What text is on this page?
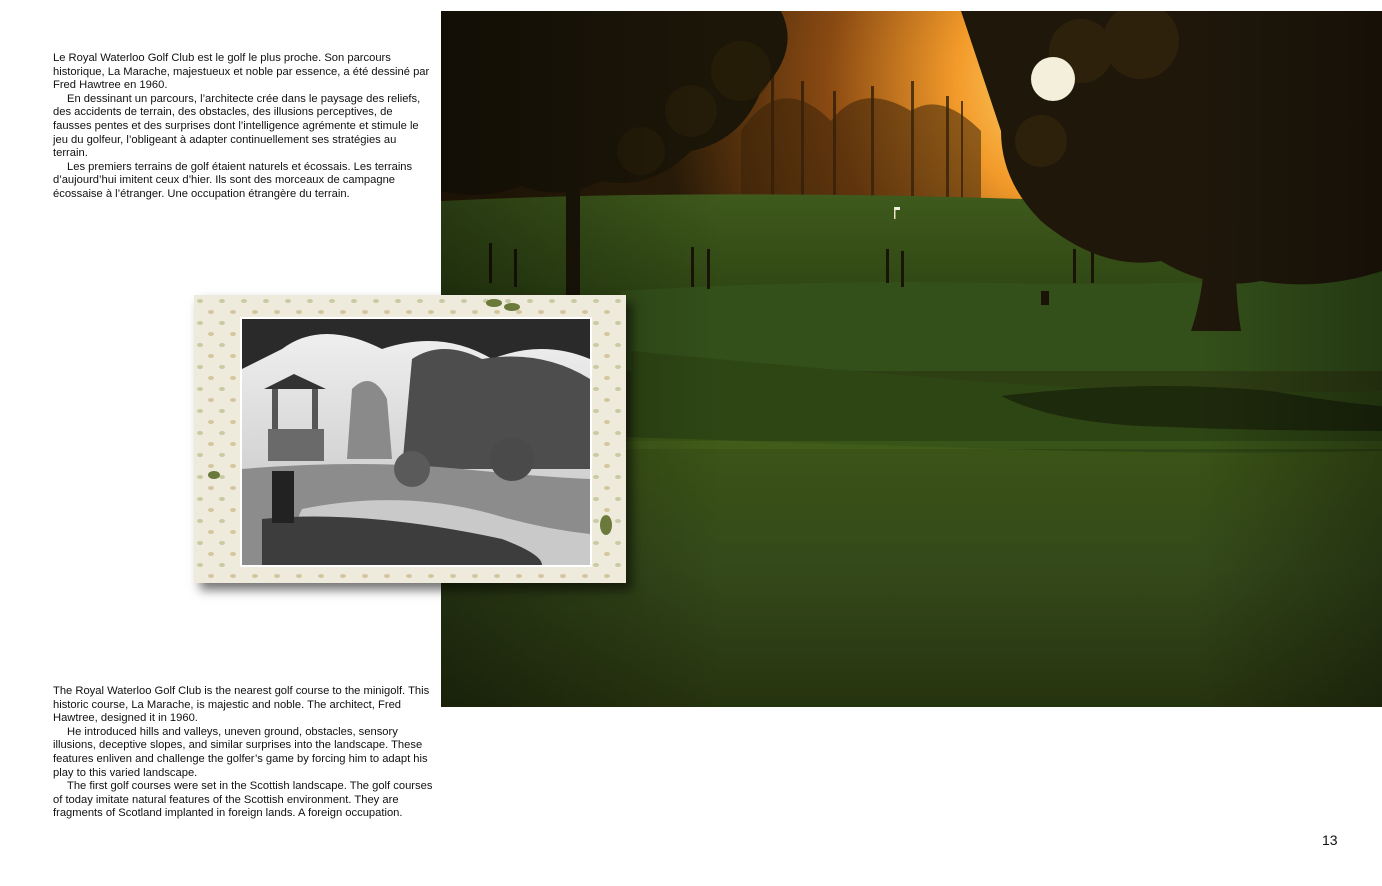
Le Royal Waterloo Golf Club est le golf le plus proche. Son parcours historique, La Marache, majestueux et noble par essence, a été dessiné par Fred Hawtree en 1960.

En dessinant un parcours, l’architecte crée dans le paysage des reliefs, des accidents de terrain, des obstacles, des illusions perceptives, de fausses pentes et des surprises dont l’intelligence agrémente et stimule le jeu du golfeur, l’obligeant à adapter continuellement ses stratégies au terrain.

Les premiers terrains de golf étaient naturels et écossais. Les terrains d’aujourd’hui imitent ceux d’hier. Ils sont des morceaux de campagne écossaise à l’étranger. Une occupation étrangère du terrain.

The Royal Waterloo Golf Club is the nearest golf course to the minigolf. This historic course, La Marache, is majestic and noble. The architect, Fred Hawtree, designed it in 1960.

He introduced hills and valleys, uneven ground, obstacles, sensory illusions, deceptive slopes, and similar surprises into the landscape. These features enliven and challenge the golfer’s game by forcing him to adapt his play to this varied landscape.

The first golf courses were set in the Scottish landscape. The golf courses of today imitate natural features of the Scottish environment. They are fragments of Scotland implanted in foreign lands. A foreign occupation.

13
